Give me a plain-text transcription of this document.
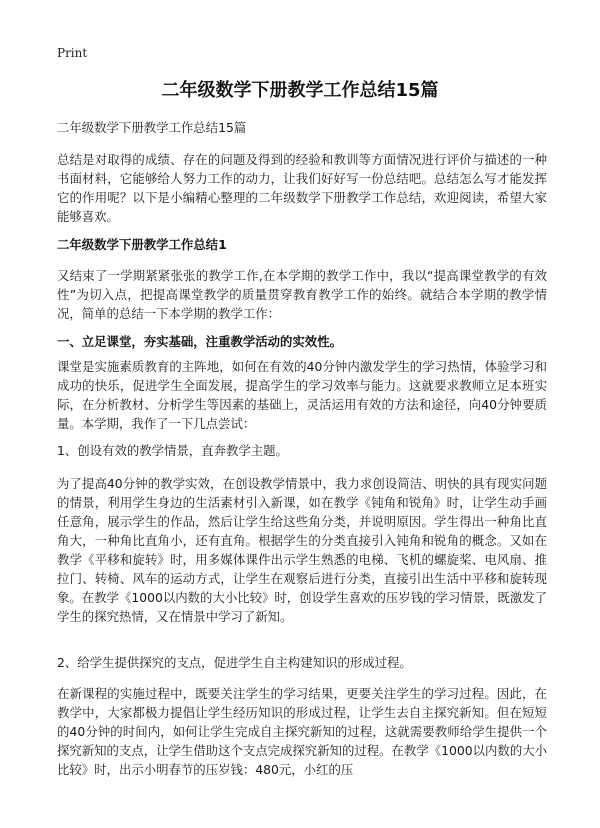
Print
二年级数学下册教学工作总结15篇
二年级数学下册教学工作总结15篇
总结是对取得的成绩、存在的问题及得到的经验和教训等方面情况进行评价与描述的一种书面材料，它能够给人努力工作的动力，让我们好好写一份总结吧。总结怎么写才能发挥它的作用呢？以下是小编精心整理的二年级数学下册教学工作总结，欢迎阅读，希望大家能够喜欢。
二年级数学下册教学工作总结1
又结束了一学期紧紧张张的教学工作,在本学期的教学工作中，我以“提高课堂教学的有效性”为切入点，把提高课堂教学的质量贯穿教育教学工作的始终。就结合本学期的教学情况，简单的总结一下本学期的教学工作：
一、立足课堂，夯实基础，注重教学活动的实效性。
课堂是实施素质教育的主阵地，如何在有效的40分钟内激发学生的学习热情，体验学习和成功的快乐，促进学生全面发展，提高学生的学习效率与能力。这就要求教师立足本班实际，在分析教材、分析学生等因素的基础上，灵活运用有效的方法和途径，向40分钟要质量。本学期，我作了一下几点尝试：
1、创设有效的教学情景，直奔教学主题。
为了提高40分钟的教学实效，在创设教学情景中，我力求创设简洁、明快的具有现实问题的情景，利用学生身边的生活素材引入新课，如在教学《钝角和锐角》时，让学生动手画任意角，展示学生的作品，然后让学生给这些角分类，并说明原因。学生得出一种角比直角大，一种角比直角小，还有直角。根据学生的分类直接引入钝角和锐角的概念。又如在教学《平移和旋转》时，用多媒体课件出示学生熟悉的电梯、飞机的螺旋桨、电风扇、推拉门、转椅、风车的运动方式，让学生在观察后进行分类，直接引出生活中平移和旋转现象。在教学《1000以内数的大小比较》时，创设学生喜欢的压岁钱的学习情景，既激发了学生的探究热情，又在情景中学习了新知。
2、给学生提供探究的支点，促进学生自主构建知识的形成过程。
在新课程的实施过程中，既要关注学生的学习结果，更要关注学生的学习过程。因此，在教学中，大家都极力提倡让学生经历知识的形成过程，让学生去自主探究新知。但在短短的40分钟的时间内，如何让学生完成自主探究新知的过程，这就需要教师给学生提供一个探究新知的支点，让学生借助这个支点完成探究新知的过程。在教学《1000以内数的大小比较》时，出示小明春节的压岁钱：480元，小红的压
